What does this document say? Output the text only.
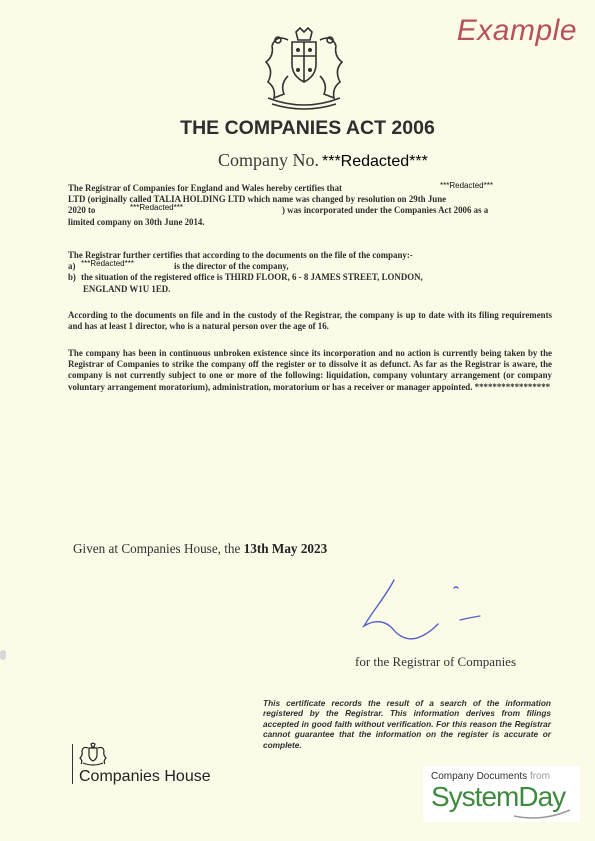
Example
THE COMPANIES ACT 2006
Company No. ***Redacted***
The Registrar of Companies for England and Wales hereby certifies that	***Redacted***
LTD (originally called TALIA HOLDING LTD which name was changed by resolution on 29th June
2020 to	***Redacted***	) was incorporated under the Companies Act 2006 as a
limited company on 30th June 2014.
The Registrar further certifies that according to the documents on the file of the company:-
a) ***Redacted***	is the director of the company,
b) the situation of the registered office is THIRD FLOOR, 6 - 8 JAMES STREET, LONDON,
ENGLAND W1U 1ED.
According to the documents on file and in the custody of the Registrar, the company is up to date with its filing requirements and has at least 1 director, who is a natural person over the age of 16.
The company has been in continuous unbroken existence since its incorporation and no action is currently being taken by the Registrar of Companies to strike the company off the register or to dissolve it as defunct. As far as the Registrar is aware, the company is not currently subject to one or more of the following: liquidation, company voluntary arrangement (or company voluntary arrangement moratorium), administration, moratorium or has a receiver or manager appointed. *****************
Given at Companies House, the 13th May 2023
for the Registrar of Companies
This certificate records the result of a search of the information registered by the Registrar. This information derives from filings accepted in good faith without verification. For this reason the Registrar cannot guarantee that the information on the register is accurate or complete.
Companies House	Company Documents from
SystemDay
